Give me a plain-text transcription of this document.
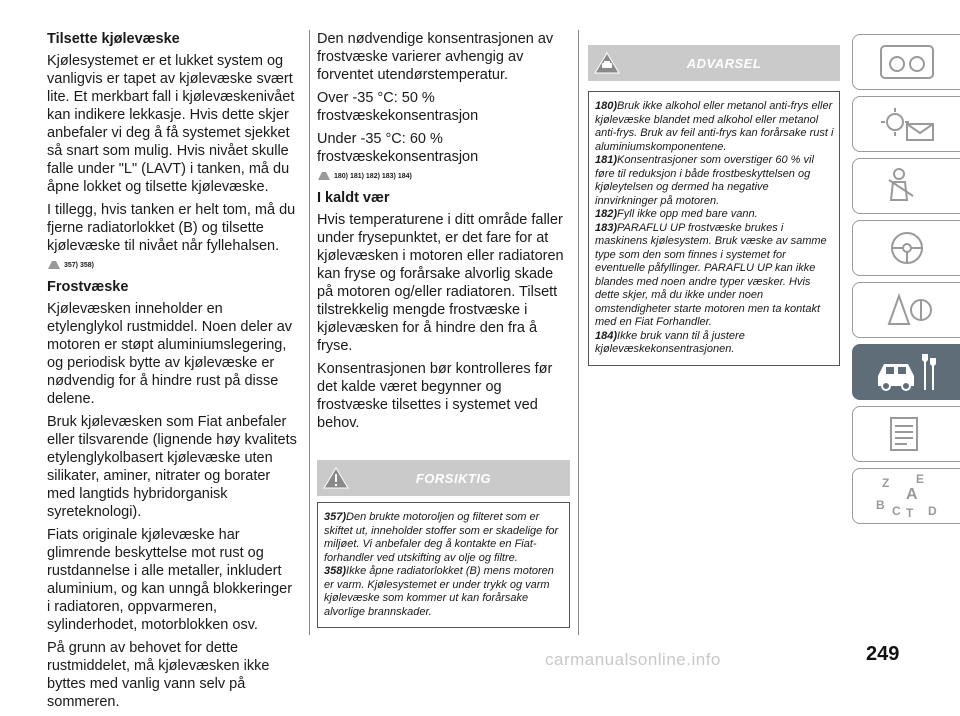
Tilsette kjølevæske

Kjølesystemet er et lukket system og vanligvis er tapet av kjølevæske svært lite. Et merkbart fall i kjølevæskenivået kan indikere lekkasje. Hvis dette skjer anbefaler vi deg å få systemet sjekket så snart som mulig. Hvis nivået skulle falle under "L" (LAVT) i tanken, må du åpne lokket og tilsette kjølevæske.

I tillegg, hvis tanken er helt tom, må du fjerne radiatorlokket (B) og tilsette kjølevæske til nivået når fyllehalsen.

357) 358)
Frostvæske

Kjølevæsken inneholder en etylenglykol rustmiddel. Noen deler av motoren er støpt aluminiumslegering, og periodisk bytte av kjølevæske er nødvendig for å hindre rust på disse delene.

Bruk kjølevæsken som Fiat anbefaler eller tilsvarende (lignende høy kvalitets etylenglykolbasert kjølevæske uten silikater, aminer, nitrater og borater med langtids hybridorganisk syreteknologi).

Fiats originale kjølevæske har glimrende beskyttelse mot rust og rustdannelse i alle metaller, inkludert aluminium, og kan unngå blokkeringer i radiatoren, oppvarmeren, sylinderhodet, motorblokken osv.

På grunn av behovet for dette rustmiddelet, må kjølevæsken ikke byttes med vanlig vann selv på sommeren.

Den nødvendige konsentrasjonen av frostvæske varierer avhengig av forventet utendørstemperatur.

Over -35 °C: 50 % frostvæskekonsentrasjon

Under -35 °C: 60 % frostvæskekonsentrasjon

180) 181) 182) 183) 184)
I kaldt vær

Hvis temperaturene i ditt område faller under frysepunktet, er det fare for at kjølevæsken i motoren eller radiatoren kan fryse og forårsake alvorlig skade på motoren og/eller radiatoren. Tilsett tilstrekkelig mengde frostvæske i kjølevæsken for å hindre den fra å fryse.

Konsentrasjonen bør kontrolleres før det kalde været begynner og frostvæske tilsettes i systemet ved behov.

FORSIKTIG

357)Den brukte motoroljen og filteret som er skiftet ut, inneholder stoffer som er skadelige for miljøet. Vi anbefaler deg å kontakte en Fiat-forhandler ved utskifting av olje og filtre.
358)Ikke åpne radiatorlokket (B) mens motoren er varm. Kjølesystemet er under trykk og varm kjølevæske som kommer ut kan forårsake alvorlige brannskader.

ADVARSEL

180)Bruk ikke alkohol eller metanol anti-frys eller kjølevæske blandet med alkohol eller metanol anti-frys. Bruk av feil anti-frys kan forårsake rust i aluminiumskomponentene.
181)Konsentrasjoner som overstiger 60 % vil føre til reduksjon i både frostbeskyttelsen og kjøleytelsen og dermed ha negative innvirkninger på motoren.
182)Fyll ikke opp med bare vann.
183)PARAFLU UP frostvæske brukes i maskinens kjølesystem. Bruk væske av samme type som den som finnes i systemet for eventuelle påfyllinger. PARAFLU UP kan ikke blandes med noen andre typer væsker. Hvis dette skjer, må du ikke under noen omstendigheter starte motoren men ta kontakt med en Fiat Forhandler.
184)Ikke bruk vann til å justere kjølevæskekonsentrasjonen.

Z E
A
B C T D
carmanualsonline.info	249
